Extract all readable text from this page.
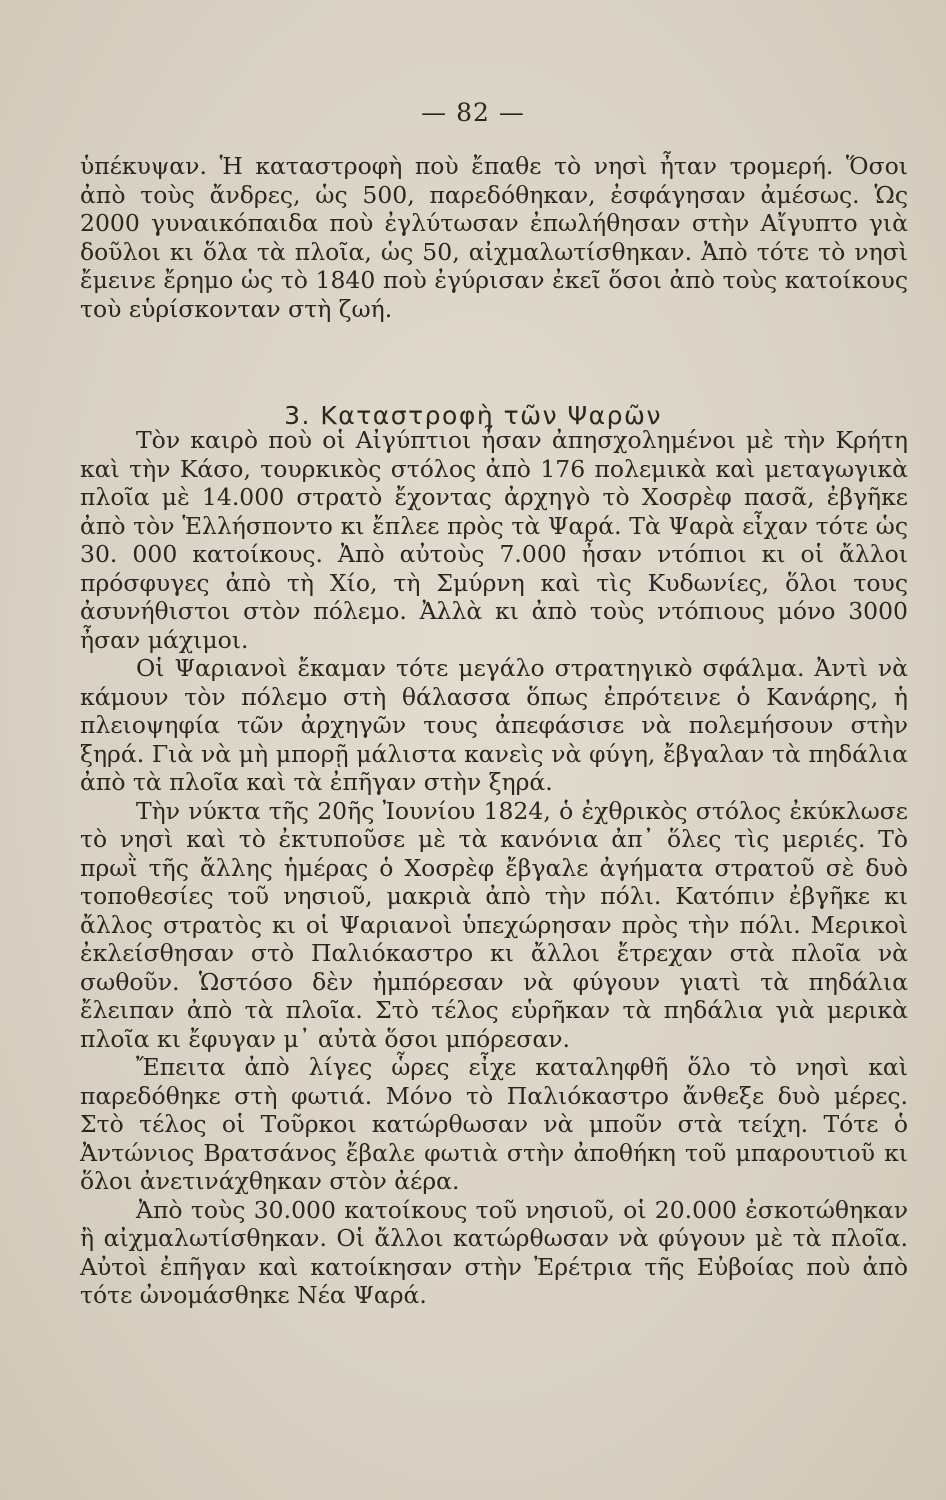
— 82 —

ὑπέκυψαν. Ἡ καταστροφὴ ποὺ ἔπαθε τὸ νησὶ ἦταν τρομερή. Ὅσοι ἀπὸ τοὺς ἄνδρες, ὡς 500, παρεδόθηκαν, ἐσφάγησαν ἀμέσως. Ὡς 2000 γυναικόπαιδα ποὺ ἐγλύτωσαν ἐπωλήθησαν στὴν Αἴγυπτο γιὰ δοῦλοι κι ὅλα τὰ πλοῖα, ὡς 50, αἰχμαλωτίσθηκαν. Ἀπὸ τότε τὸ νησὶ ἔμεινε ἔρημο ὡς τὸ 1840 ποὺ ἐγύρισαν ἐκεῖ ὅσοι ἀπὸ τοὺς κατοίκους τοὺ εὑρίσκονταν στὴ ζωή.

3. Καταστροφὴ τῶν Ψαρῶν

Τὸν καιρὸ ποὺ οἱ Αἰγύπτιοι ἦσαν ἀπησχολημένοι μὲ τὴν Κρήτη καὶ τὴν Κάσο, τουρκικὸς στόλος ἀπὸ 176 πολεμικὰ καὶ μεταγωγικὰ πλοῖα μὲ 14.000 στρατὸ ἔχοντας ἀρχηγὸ τὸ Χοσρὲφ πασᾶ, ἐβγῆκε ἀπὸ τὸν Ἑλλήσποντο κι ἔπλεε πρὸς τὰ Ψαρά. Τὰ Ψαρὰ εἶχαν τότε ὡς 30. 000 κατοίκους. Ἀπὸ αὐτοὺς 7.000 ἦσαν ντόπιοι κι οἱ ἄλλοι πρόσφυγες ἀπὸ τὴ Χίο, τὴ Σμύρνη καὶ τὶς Κυδωνίες, ὅλοι τους ἀσυνήθιστοι στὸν πόλεμο. Ἀλλὰ κι ἀπὸ τοὺς ντόπιους μόνο 3000 ἦσαν μάχιμοι.

Οἱ Ψαριανοὶ ἔκαμαν τότε μεγάλο στρατηγικὸ σφάλμα. Ἀντὶ νὰ κάμουν τὸν πόλεμο στὴ θάλασσα ὅπως ἐπρότεινε ὁ Κανάρης, ἡ πλειοψηφία τῶν ἀρχηγῶν τους ἀπεφάσισε νὰ πολεμήσουν στὴν ξηρά. Γιὰ νὰ μὴ μπορῇ μάλιστα κανεὶς νὰ φύγη, ἔβγαλαν τὰ πηδάλια ἀπὸ τὰ πλοῖα καὶ τὰ ἐπῆγαν στὴν ξηρά.

Τὴν νύκτα τῆς 20ῆς Ἰουνίου 1824, ὁ ἐχθρικὸς στόλος ἐκύκλωσε τὸ νησὶ καὶ τὸ ἐκτυποῦσε μὲ τὰ κανόνια ἀπ᾽ ὅλες τὶς μεριές. Τὸ πρωῒ τῆς ἄλλης ἡμέρας ὁ Χοσρὲφ ἔβγαλε ἀγήματα στρατοῦ σὲ δυὸ τοποθεσίες τοῦ νησιοῦ, μακριὰ ἀπὸ τὴν πόλι. Κατόπιν ἐβγῆκε κι ἄλλος στρατὸς κι οἱ Ψαριανοὶ ὑπεχώρησαν πρὸς τὴν πόλι. Μερικοὶ ἐκλείσθησαν στὸ Παλιόκαστρο κι ἄλλοι ἔτρεχαν στὰ πλοῖα νὰ σωθοῦν. Ὡστόσο δὲν ἠμπόρεσαν νὰ φύγουν γιατὶ τὰ πηδάλια ἔλειπαν ἀπὸ τὰ πλοῖα. Στὸ τέλος εὑρῆκαν τὰ πηδάλια γιὰ μερικὰ πλοῖα κι ἔφυγαν μ᾽ αὐτὰ ὅσοι μπόρεσαν.

Ἔπειτα ἀπὸ λίγες ὧρες εἶχε καταληφθῆ ὅλο τὸ νησὶ καὶ παρεδόθηκε στὴ φωτιά. Μόνο τὸ Παλιόκαστρο ἄνθεξε δυὸ μέρες. Στὸ τέλος οἱ Τοῦρκοι κατώρθωσαν νὰ μποῦν στὰ τείχη. Τότε ὁ Ἀντώνιος Βρατσάνος ἔβαλε φωτιὰ στὴν ἀποθήκη τοῦ μπαρουτιοῦ κι ὅλοι ἀνετινάχθηκαν στὸν ἀέρα.

Ἀπὸ τοὺς 30.000 κατοίκους τοῦ νησιοῦ, οἱ 20.000 ἐσκοτώθηκαν ἢ αἰχμαλωτίσθηκαν. Οἱ ἄλλοι κατώρθωσαν νὰ φύγουν μὲ τὰ πλοῖα. Αὐτοὶ ἐπῆγαν καὶ κατοίκησαν στὴν Ἐρέτρια τῆς Εὐβοίας ποὺ ἀπὸ τότε ὠνομάσθηκε Νέα Ψαρά.
